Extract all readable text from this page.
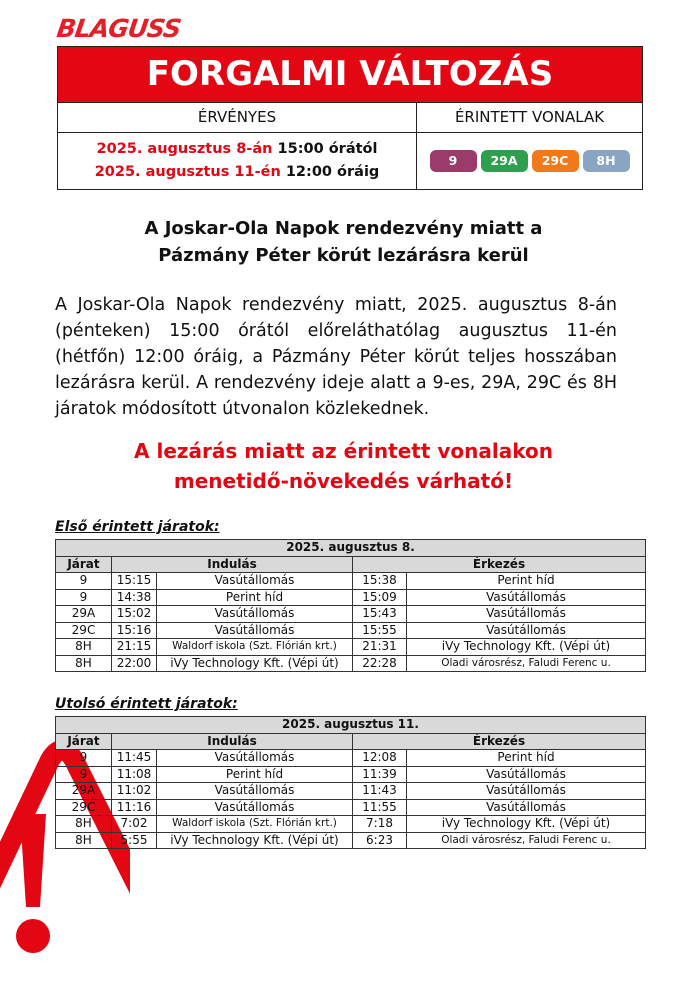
BLAGUSS
FORGALMI VÁLTOZÁS
ÉRVÉNYES
2025. augusztus 8-án 15:00 órától
2025. augusztus 11-én 12:00 óráig
ÉRINTETT VONALAK
9	29A	29C	8H
A Joskar-Ola Napok rendezvény miatt a
Pázmány Péter körút lezárásra kerül
A Joskar-Ola Napok rendezvény miatt, 2025. augusztus 8-án (pénteken) 15:00 órától előreláthatólag augusztus 11-én (hétfőn) 12:00 óráig, a Pázmány Péter körút teljes hosszában lezárásra kerül. A rendezvény ideje alatt a 9-es, 29A, 29C és 8H járatok módosított útvonalon közlekednek.
A lezárás miatt az érintett vonalakon
menetidő-növekedés várható!
Első érintett járatok:
2025. augusztus 8.				
Járat	Indulás		Érkezés	
9	15:15	Vasútállomás	15:38	Perint híd
9	14:38	Perint híd	15:09	Vasútállomás
29A	15:02	Vasútállomás	15:43	Vasútállomás
29C	15:16	Vasútállomás	15:55	Vasútállomás
8H	21:15	Waldorf iskola (Szt. Flórián krt.)	21:31	iVy Technology Kft. (Vépi út)
8H	22:00	iVy Technology Kft. (Vépi út)	22:28	Oladi városrész, Faludi Ferenc u.
Utolsó érintett járatok:
2025. augusztus 11.				
Járat	Indulás		Érkezés	
9	11:45	Vasútállomás	12:08	Perint híd
9	11:08	Perint híd	11:39	Vasútállomás
29A	11:02	Vasútállomás	11:43	Vasútállomás
29C	11:16	Vasútállomás	11:55	Vasútállomás
8H	7:02	Waldorf iskola (Szt. Flórián krt.)	7:18	iVy Technology Kft. (Vépi út)
8H	5:55	iVy Technology Kft. (Vépi út)	6:23	Oladi városrész, Faludi Ferenc u.
